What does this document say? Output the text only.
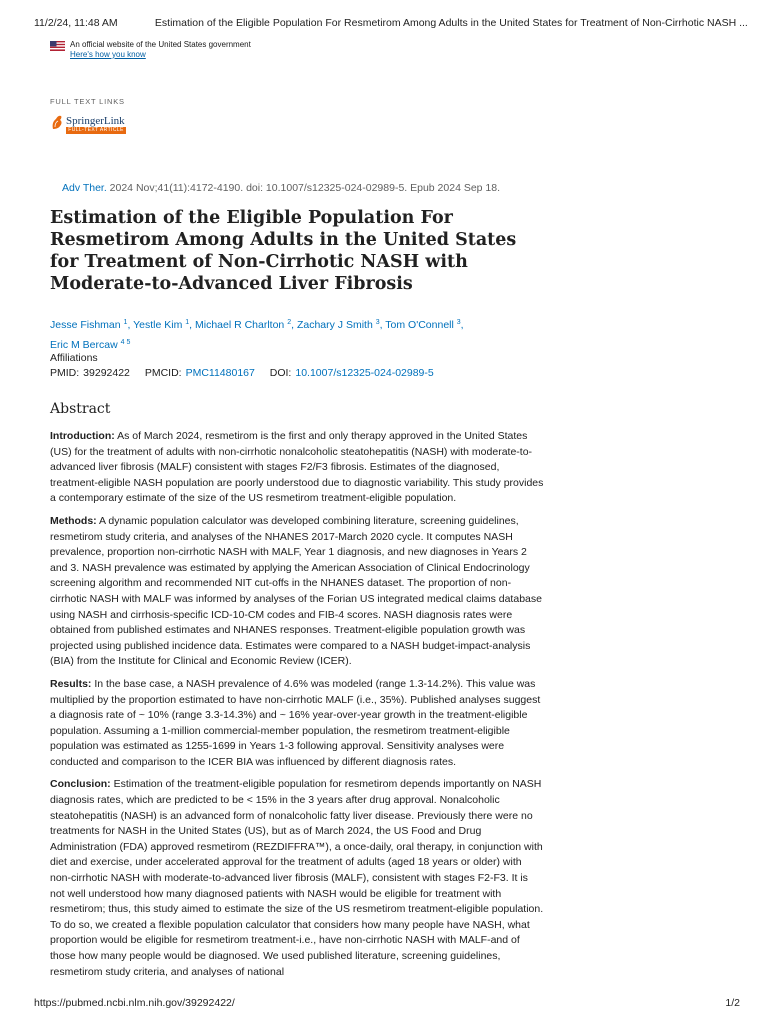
11/2/24, 11:48 AM	Estimation of the Eligible Population For Resmetirom Among Adults in the United States for Treatment of Non-Cirrhotic NASH ...
An official website of the United States government
Here's how you know
FULL TEXT LINKS
SpringerLink
FULL-TEXT ARTICLE
Adv Ther. 2024 Nov;41(11):4172-4190. doi: 10.1007/s12325-024-02989-5. Epub 2024 Sep 18.
Estimation of the Eligible Population For Resmetirom Among Adults in the United States for Treatment of Non-Cirrhotic NASH with Moderate-to-Advanced Liver Fibrosis
Jesse Fishman $^1$, Yestle Kim $^1$, Michael R Charlton $^2$, Zachary J Smith $^3$, Tom O'Connell $^3$,
Eric M Bercaw $^{4 5}$
Affiliations
PMID: 39292422 PMCID: PMC11480167 DOI: 10.1007/s12325-024-02989-5
Abstract

Introduction: As of March 2024, resmetirom is the first and only therapy approved in the United States (US) for the treatment of adults with non-cirrhotic nonalcoholic steatohepatitis (NASH) with moderate-to-advanced liver fibrosis (MALF) consistent with stages F2/F3 fibrosis. Estimates of the diagnosed, treatment-eligible NASH population are poorly understood due to diagnostic variability. This study provides a contemporary estimate of the size of the US resmetirom treatment-eligible population.

Methods: A dynamic population calculator was developed combining literature, screening guidelines, resmetirom study criteria, and analyses of the NHANES 2017-March 2020 cycle. It computes NASH prevalence, proportion non-cirrhotic NASH with MALF, Year 1 diagnosis, and new diagnoses in Years 2 and 3. NASH prevalence was estimated by applying the American Association of Clinical Endocrinology screening algorithm and recommended NIT cut-offs in the NHANES dataset. The proportion of non-cirrhotic NASH with MALF was informed by analyses of the Forian US integrated medical claims database using NASH and cirrhosis-specific ICD-10-CM codes and FIB-4 scores. NASH diagnosis rates were obtained from published estimates and NHANES responses. Treatment-eligible population growth was projected using published incidence data. Estimates were compared to a NASH budget-impact-analysis (BIA) from the Institute for Clinical and Economic Review (ICER).

Results: In the base case, a NASH prevalence of 4.6% was modeled (range 1.3-14.2%). This value was multiplied by the proportion estimated to have non-cirrhotic MALF (i.e., 35%). Published analyses suggest a diagnosis rate of ~ 10% (range 3.3-14.3%) and ~ 16% year-over-year growth in the treatment-eligible population. Assuming a 1-million commercial-member population, the resmetirom treatment-eligible population was estimated as 1255-1699 in Years 1-3 following approval. Sensitivity analyses were conducted and comparison to the ICER BIA was influenced by different diagnosis rates.

Conclusion: Estimation of the treatment-eligible population for resmetirom depends importantly on NASH diagnosis rates, which are predicted to be < 15% in the 3 years after drug approval. Nonalcoholic steatohepatitis (NASH) is an advanced form of nonalcoholic fatty liver disease. Previously there were no treatments for NASH in the United States (US), but as of March 2024, the US Food and Drug Administration (FDA) approved resmetirom (REZDIFFRA™), a once-daily, oral therapy, in conjunction with diet and exercise, under accelerated approval for the treatment of adults (aged 18 years or older) with non-cirrhotic NASH with moderate-to-advanced liver fibrosis (MALF), consistent with stages F2-F3. It is not well understood how many diagnosed patients with NASH would be eligible for treatment with resmetirom; thus, this study aimed to estimate the size of the US resmetirom treatment-eligible population. To do so, we created a flexible population calculator that considers how many people have NASH, what proportion would be eligible for resmetirom treatment-i.e., have non-cirrhotic NASH with MALF-and of those how many people would be diagnosed. We used published literature, screening guidelines, resmetirom study criteria, and analyses of national

https://pubmed.ncbi.nlm.nih.gov/39292422/	1/2
